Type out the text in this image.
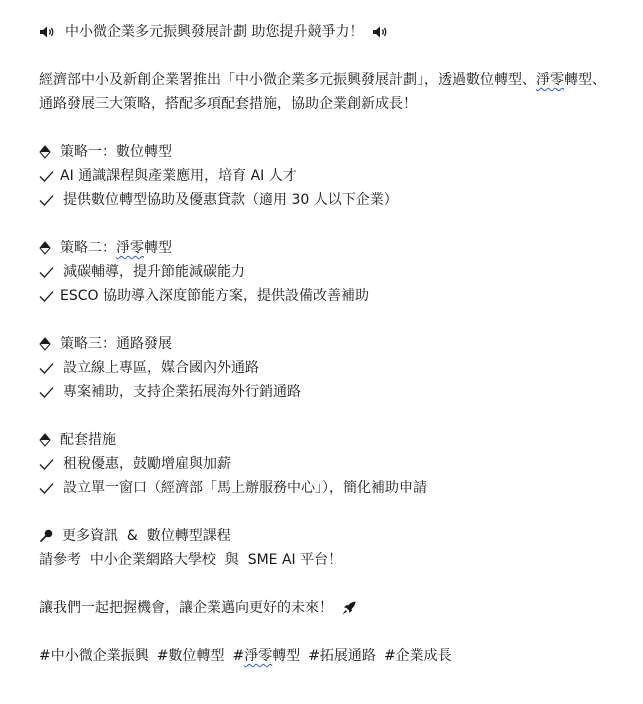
中小微企業多元振興發展計劃 助您提升競爭力！
經濟部中小及新創企業署推出「中小微企業多元振興發展計劃」，透過數位轉型、淨零轉型、通路發展三大策略，搭配多項配套措施，協助企業創新成長！
策略一：數位轉型
AI 通識課程與產業應用，培育 AI 人才
提供數位轉型協助及優惠貸款（適用 30 人以下企業）
策略二：淨零轉型
減碳輔導，提升節能減碳能力
ESCO 協助導入深度節能方案，提供設備改善補助
策略三：通路發展
設立線上專區，媒合國內外通路
專案補助，支持企業拓展海外行銷通路
配套措施
租稅優惠，鼓勵增雇與加薪
設立單一窗口（經濟部「馬上辦服務中心」），簡化補助申請
更多資訊  &  數位轉型課程
請參考  中小企業網路大學校  與  SME AI 平台！
讓我們一起把握機會，讓企業邁向更好的未來！
#中小微企業振興 #數位轉型 #淨零轉型 #拓展通路 #企業成長
